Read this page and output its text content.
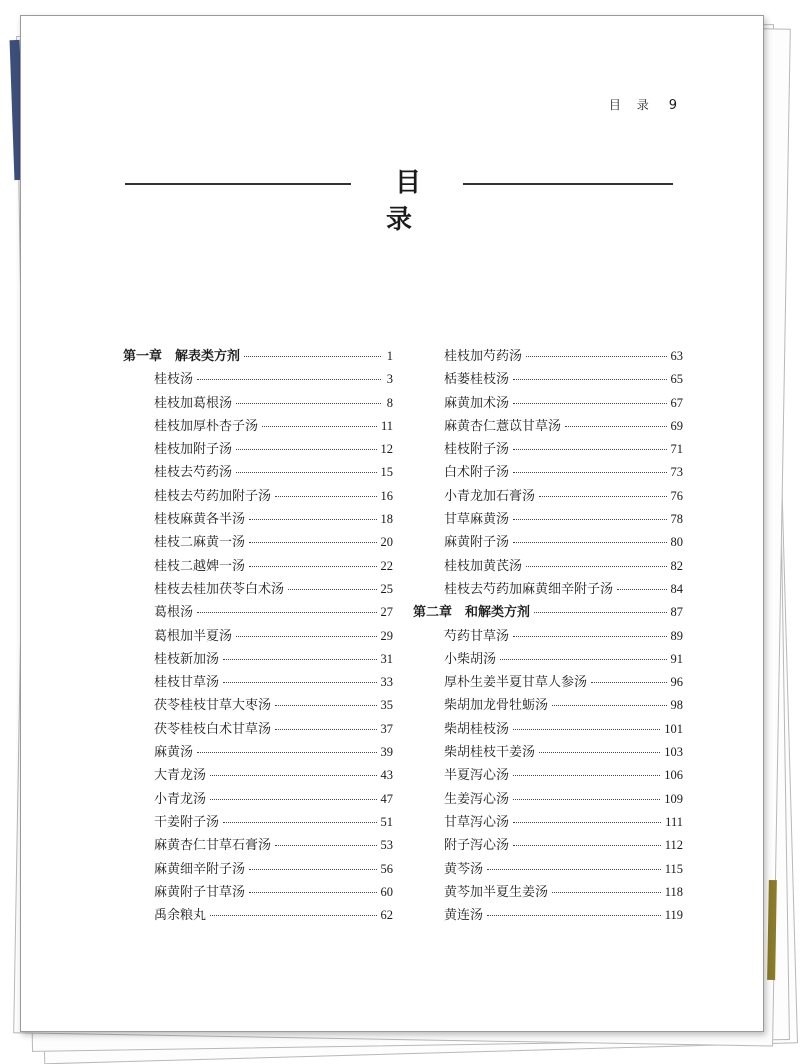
目 录 9
目 录
第一章　解表类方剂	1
桂枝汤	3
桂枝加葛根汤	8
桂枝加厚朴杏子汤	11
桂枝加附子汤	12
桂枝去芍药汤	15
桂枝去芍药加附子汤	16
桂枝麻黄各半汤	18
桂枝二麻黄一汤	20
桂枝二越婢一汤	22
桂枝去桂加茯苓白术汤	25
葛根汤	27
葛根加半夏汤	29
桂枝新加汤	31
桂枝甘草汤	33
茯苓桂枝甘草大枣汤	35
茯苓桂枝白术甘草汤	37
麻黄汤	39
大青龙汤	43
小青龙汤	47
干姜附子汤	51
麻黄杏仁甘草石膏汤	53
麻黄细辛附子汤	56
麻黄附子甘草汤	60
禹余粮丸	62
桂枝加芍药汤	63
栝蒌桂枝汤	65
麻黄加术汤	67
麻黄杏仁薏苡甘草汤	69
桂枝附子汤	71
白术附子汤	73
小青龙加石膏汤	76
甘草麻黄汤	78
麻黄附子汤	80
桂枝加黄芪汤	82
桂枝去芍药加麻黄细辛附子汤	84
第二章　和解类方剂	87
芍药甘草汤	89
小柴胡汤	91
厚朴生姜半夏甘草人参汤	96
柴胡加龙骨牡蛎汤	98
柴胡桂枝汤	101
柴胡桂枝干姜汤	103
半夏泻心汤	106
生姜泻心汤	109
甘草泻心汤	111
附子泻心汤	112
黄芩汤	115
黄芩加半夏生姜汤	118
黄连汤	119
